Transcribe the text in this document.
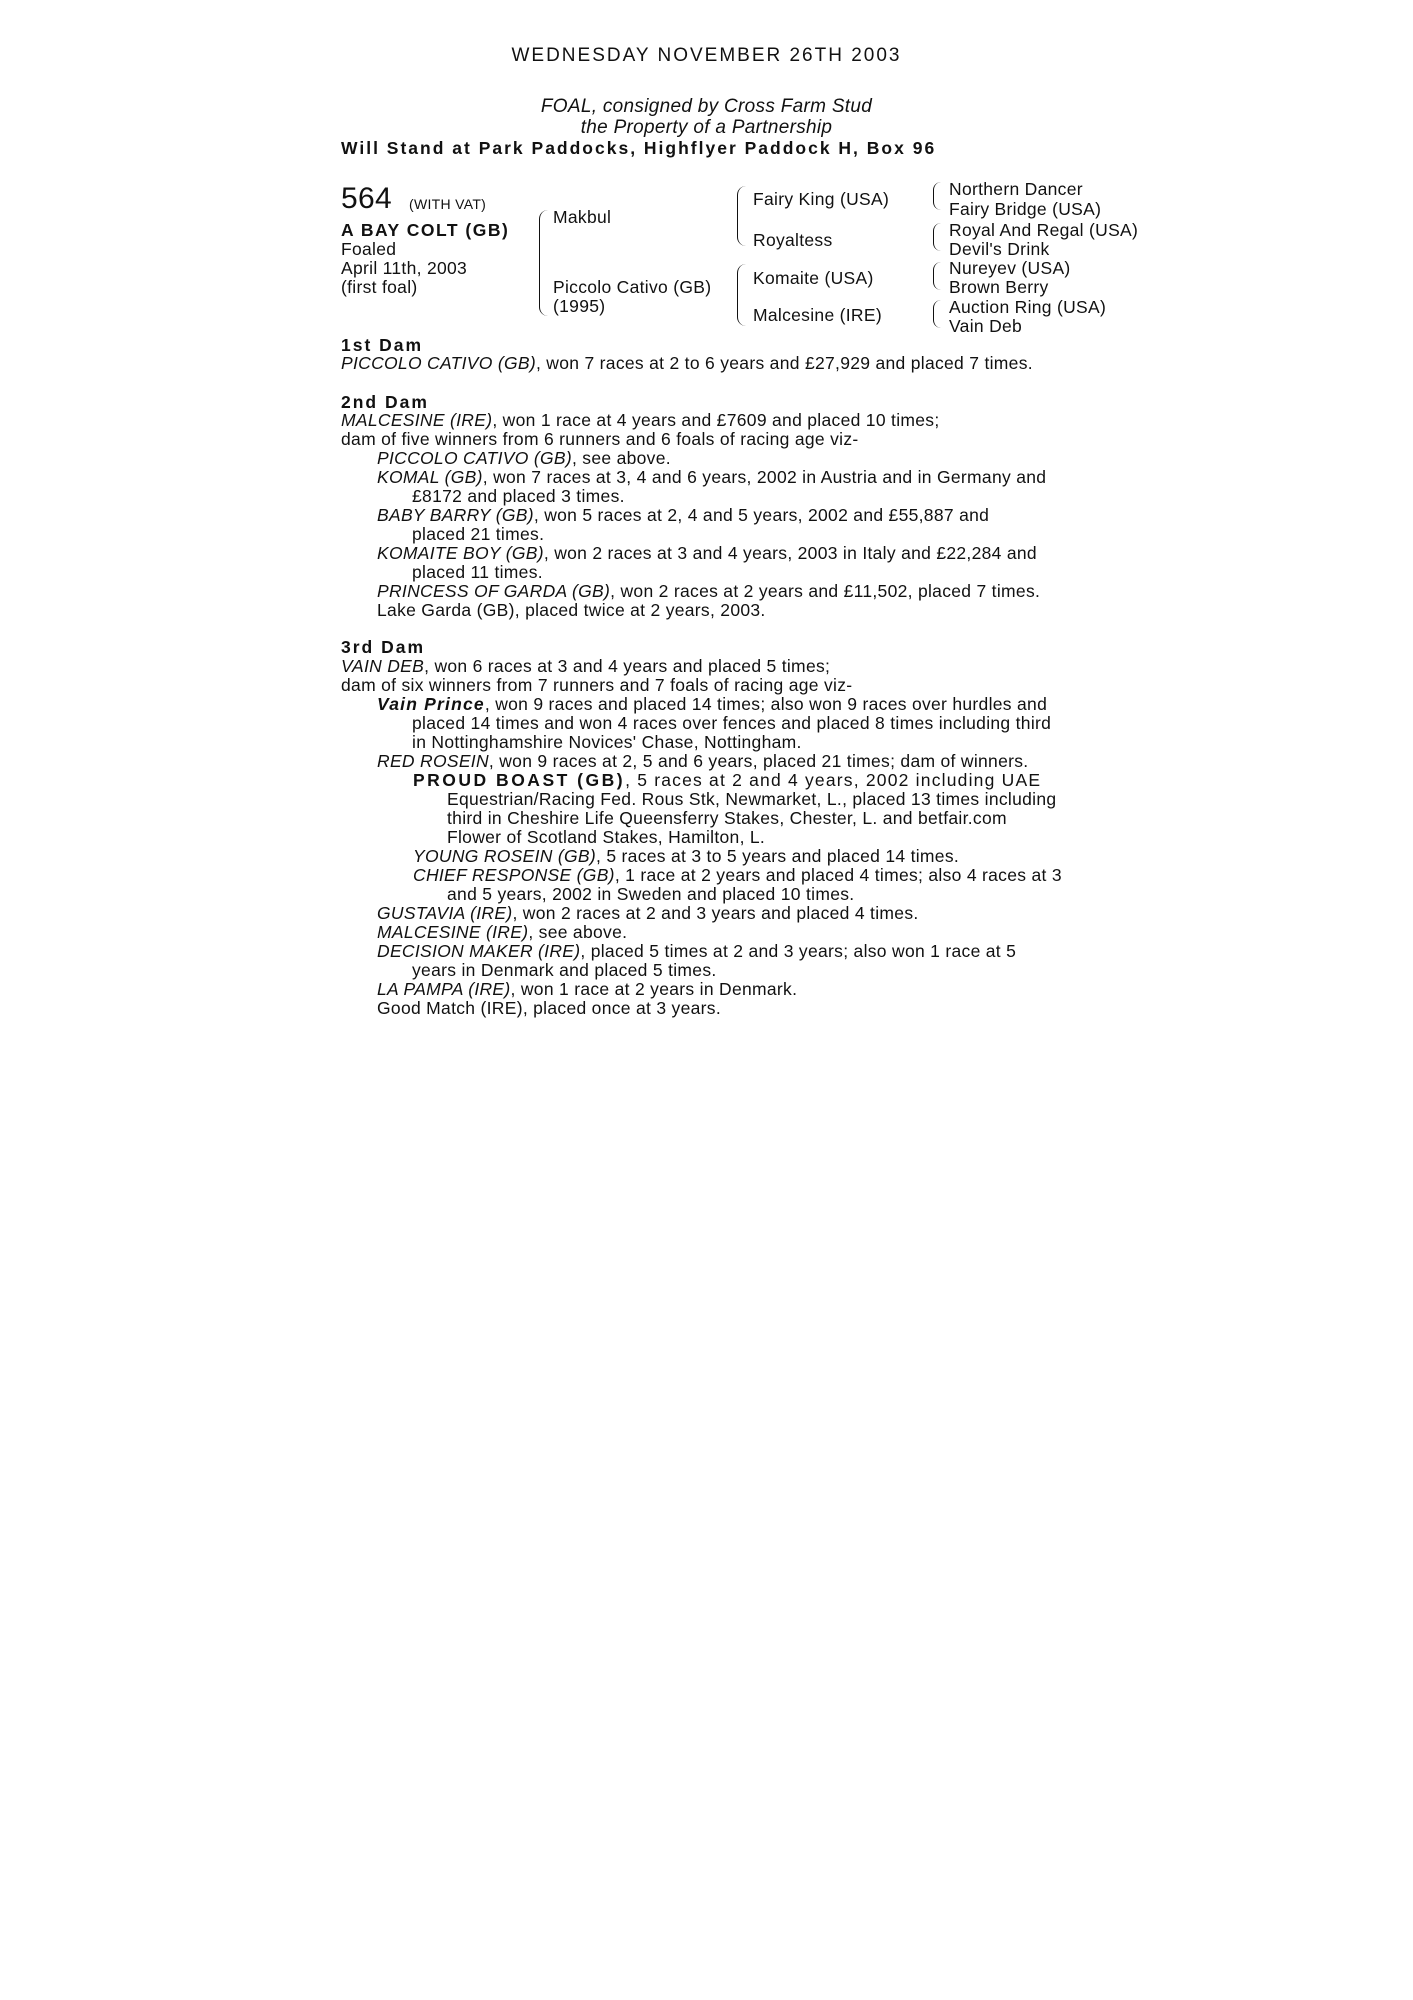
WEDNESDAY NOVEMBER 26TH 2003
FOAL, consigned by Cross Farm Stud
the Property of a Partnership
Will Stand at Park Paddocks, Highflyer Paddock H, Box 96
564 (WITH VAT)
A BAY COLT (GB)
Foaled
April 11th, 2003
(first foal)
Makbul
Piccolo Cativo (GB)
(1995)
Fairy King (USA)
Royaltess
Komaite (USA)
Malcesine (IRE)
Northern Dancer
Fairy Bridge (USA)
Royal And Regal (USA)
Devil's Drink
Nureyev (USA)
Brown Berry
Auction Ring (USA)
Vain Deb
1st Dam
PICCOLO CATIVO (GB), won 7 races at 2 to 6 years and £27,929 and placed 7 times.
2nd Dam
MALCESINE (IRE), won 1 race at 4 years and £7609 and placed 10 times;
dam of five winners from 6 runners and 6 foals of racing age viz-
PICCOLO CATIVO (GB), see above.
KOMAL (GB), won 7 races at 3, 4 and 6 years, 2002 in Austria and in Germany and
£8172 and placed 3 times.
BABY BARRY (GB), won 5 races at 2, 4 and 5 years, 2002 and £55,887 and
placed 21 times.
KOMAITE BOY (GB), won 2 races at 3 and 4 years, 2003 in Italy and £22,284 and
placed 11 times.
PRINCESS OF GARDA (GB), won 2 races at 2 years and £11,502, placed 7 times.
Lake Garda (GB), placed twice at 2 years, 2003.
3rd Dam
VAIN DEB, won 6 races at 3 and 4 years and placed 5 times;
dam of six winners from 7 runners and 7 foals of racing age viz-
Vain Prince, won 9 races and placed 14 times; also won 9 races over hurdles and
placed 14 times and won 4 races over fences and placed 8 times including third
in Nottinghamshire Novices' Chase, Nottingham.
RED ROSEIN, won 9 races at 2, 5 and 6 years, placed 21 times; dam of winners.
PROUD BOAST (GB), 5 races at 2 and 4 years, 2002 including UAE
Equestrian/Racing Fed. Rous Stk, Newmarket, L., placed 13 times including
third in Cheshire Life Queensferry Stakes, Chester, L. and betfair.com
Flower of Scotland Stakes, Hamilton, L.
YOUNG ROSEIN (GB), 5 races at 3 to 5 years and placed 14 times.
CHIEF RESPONSE (GB), 1 race at 2 years and placed 4 times; also 4 races at 3
and 5 years, 2002 in Sweden and placed 10 times.
GUSTAVIA (IRE), won 2 races at 2 and 3 years and placed 4 times.
MALCESINE (IRE), see above.
DECISION MAKER (IRE), placed 5 times at 2 and 3 years; also won 1 race at 5
years in Denmark and placed 5 times.
LA PAMPA (IRE), won 1 race at 2 years in Denmark.
Good Match (IRE), placed once at 3 years.
